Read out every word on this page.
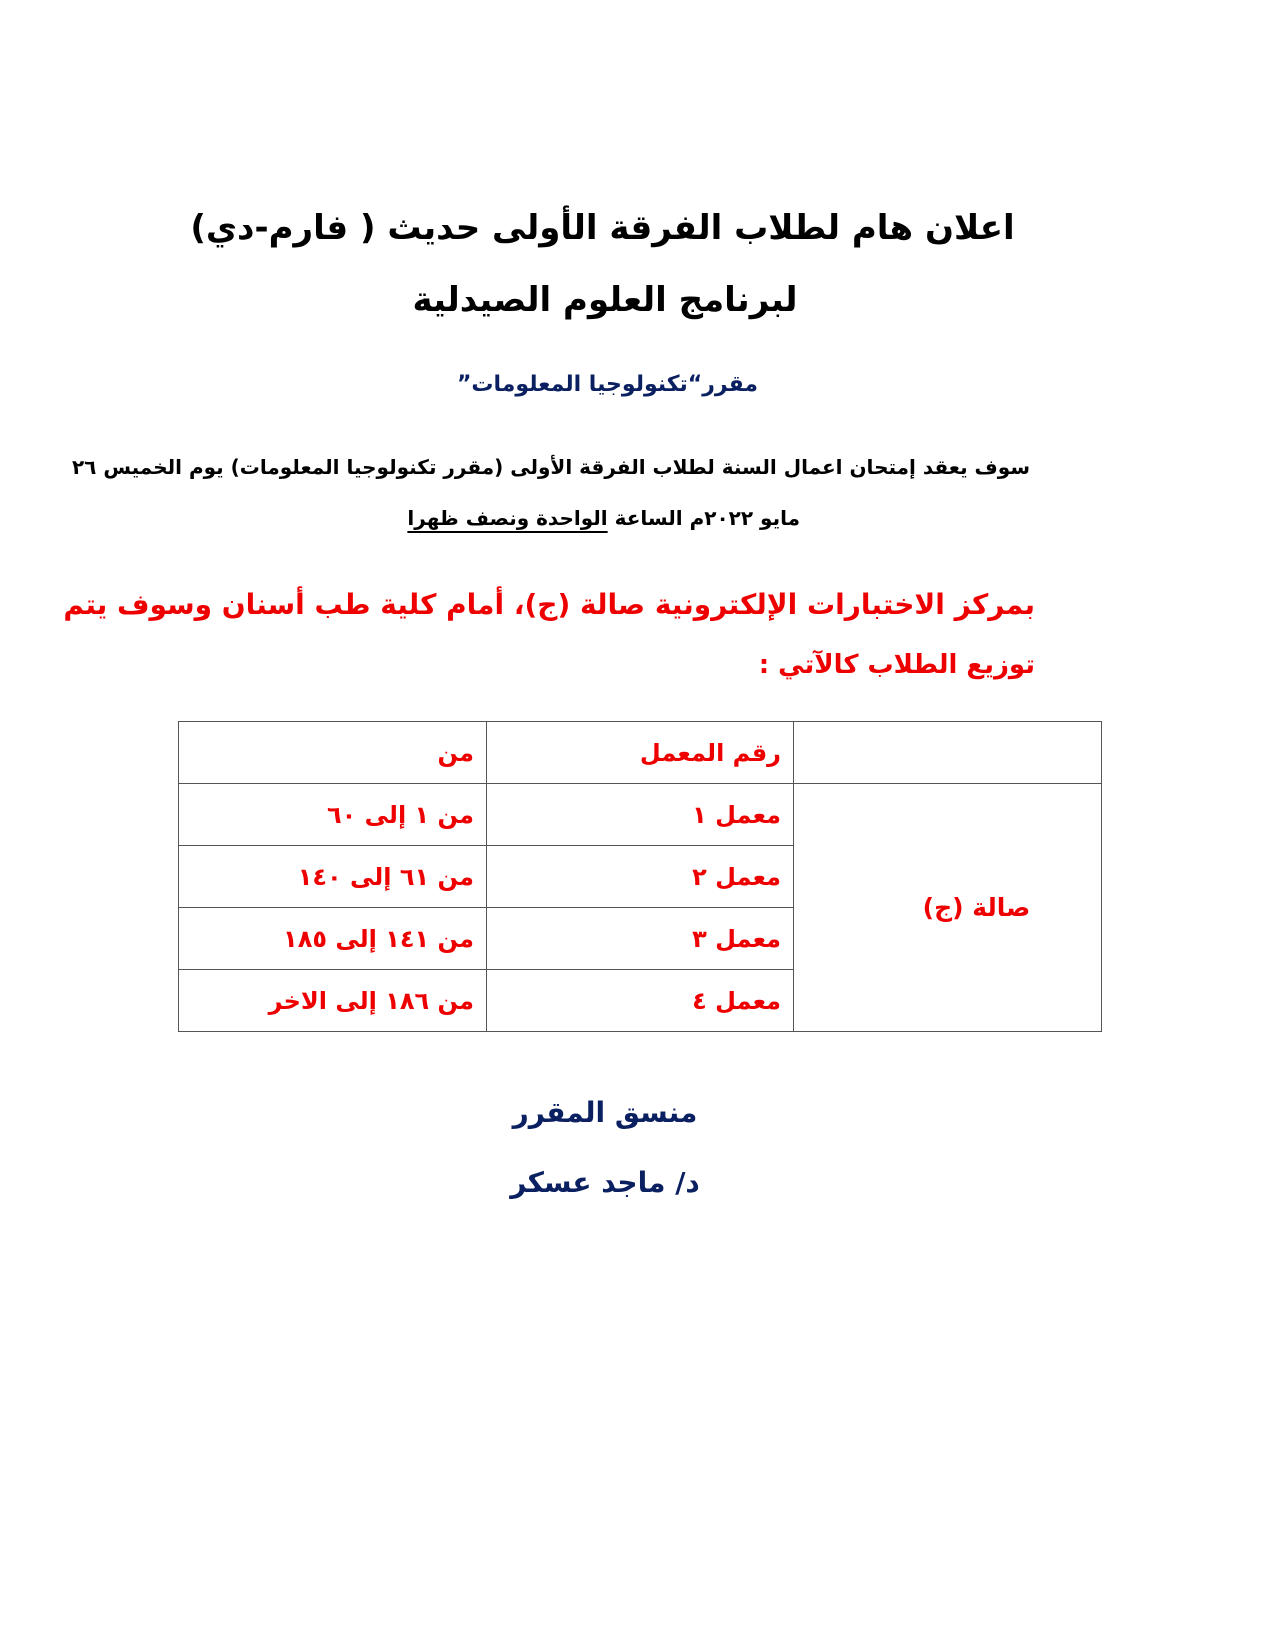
اعلان هام لطلاب الفرقة الأولى حديث ( فارم-دي)
لبرنامج العلوم الصيدلية
مقرر“تكنولوجيا المعلومات”
سوف يعقد إمتحان اعمال السنة لطلاب الفرقة الأولى (مقرر تكنولوجيا المعلومات) يوم الخميس ٢٦
مايو ٢٠٢٢م الساعة الواحدة ونصف ظهرا
بمركز الاختبارات الإلكترونية صالة (ج)، أمام كلية طب أسنان وسوف يتم
توزيع الطلاب كالآتي :
	رقم المعمل	من
صالة (ج)	معمل ١	من ١ إلى ٦٠
	معمل ٢	من ٦١ إلى ١٤٠
	معمل ٣	من ١٤١ إلى ١٨٥
	معمل ٤	من ١٨٦ إلى الاخر
منسق المقرر
د/ ماجد عسكر
